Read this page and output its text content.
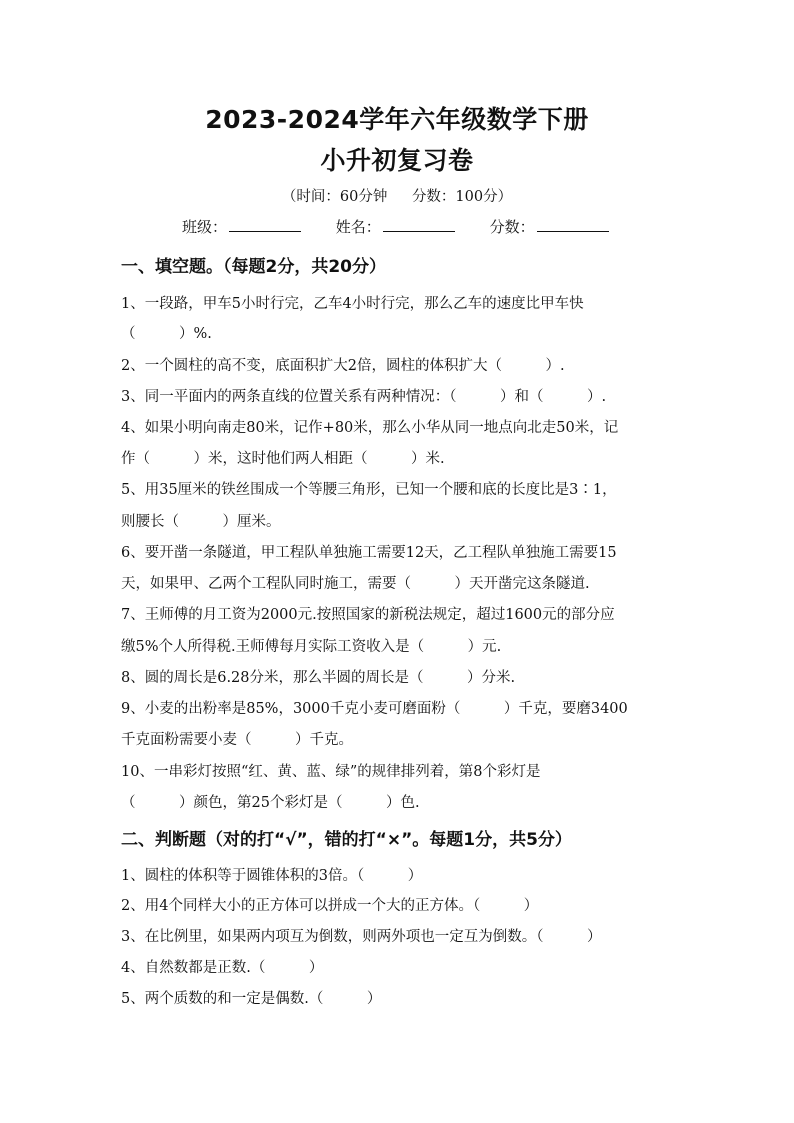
2023-2024学年六年级数学下册
小升初复习卷
（时间：60分钟 分数：100分）
班级：	姓名：	分数：
一、填空题。（每题2分，共20分）
1、一段路，甲车5小时行完，乙车4小时行完，那么乙车的速度比甲车快
（　　　）%.
2、一个圆柱的高不变，底面积扩大2倍，圆柱的体积扩大（　　　）.
3、同一平面内的两条直线的位置关系有两种情况：（　　　）和（　　　）.
4、如果小明向南走80米，记作+80米，那么小华从同一地点向北走50米，记
作（　　　）米，这时他们两人相距（　　　）米.
5、用35厘米的铁丝围成一个等腰三角形，已知一个腰和底的长度比是3∶1，
则腰长（　　　）厘米。
6、要开凿一条隧道，甲工程队单独施工需要12天，乙工程队单独施工需要15
天，如果甲、乙两个工程队同时施工，需要（　　　）天开凿完这条隧道.
7、王师傅的月工资为2000元.按照国家的新税法规定，超过1600元的部分应
缴5%个人所得税.王师傅每月实际工资收入是（　　　）元.
8、圆的周长是6.28分米，那么半圆的周长是（　　　）分米.
9、小麦的出粉率是85%，3000千克小麦可磨面粉（　　　）千克，要磨3400
千克面粉需要小麦（　　　）千克。
10、一串彩灯按照“红、黄、蓝、绿”的规律排列着，第8个彩灯是
（　　　）颜色，第25个彩灯是（　　　）色.
二、判断题（对的打“√”，错的打“×”。每题1分，共5分）
1、圆柱的体积等于圆锥体积的3倍。（　　　）
2、用4个同样大小的正方体可以拼成一个大的正方体。（　　　）
3、在比例里，如果两内项互为倒数，则两外项也一定互为倒数。（　　　）
4、自然数都是正数.（　　　）
5、两个质数的和一定是偶数.（　　　）
